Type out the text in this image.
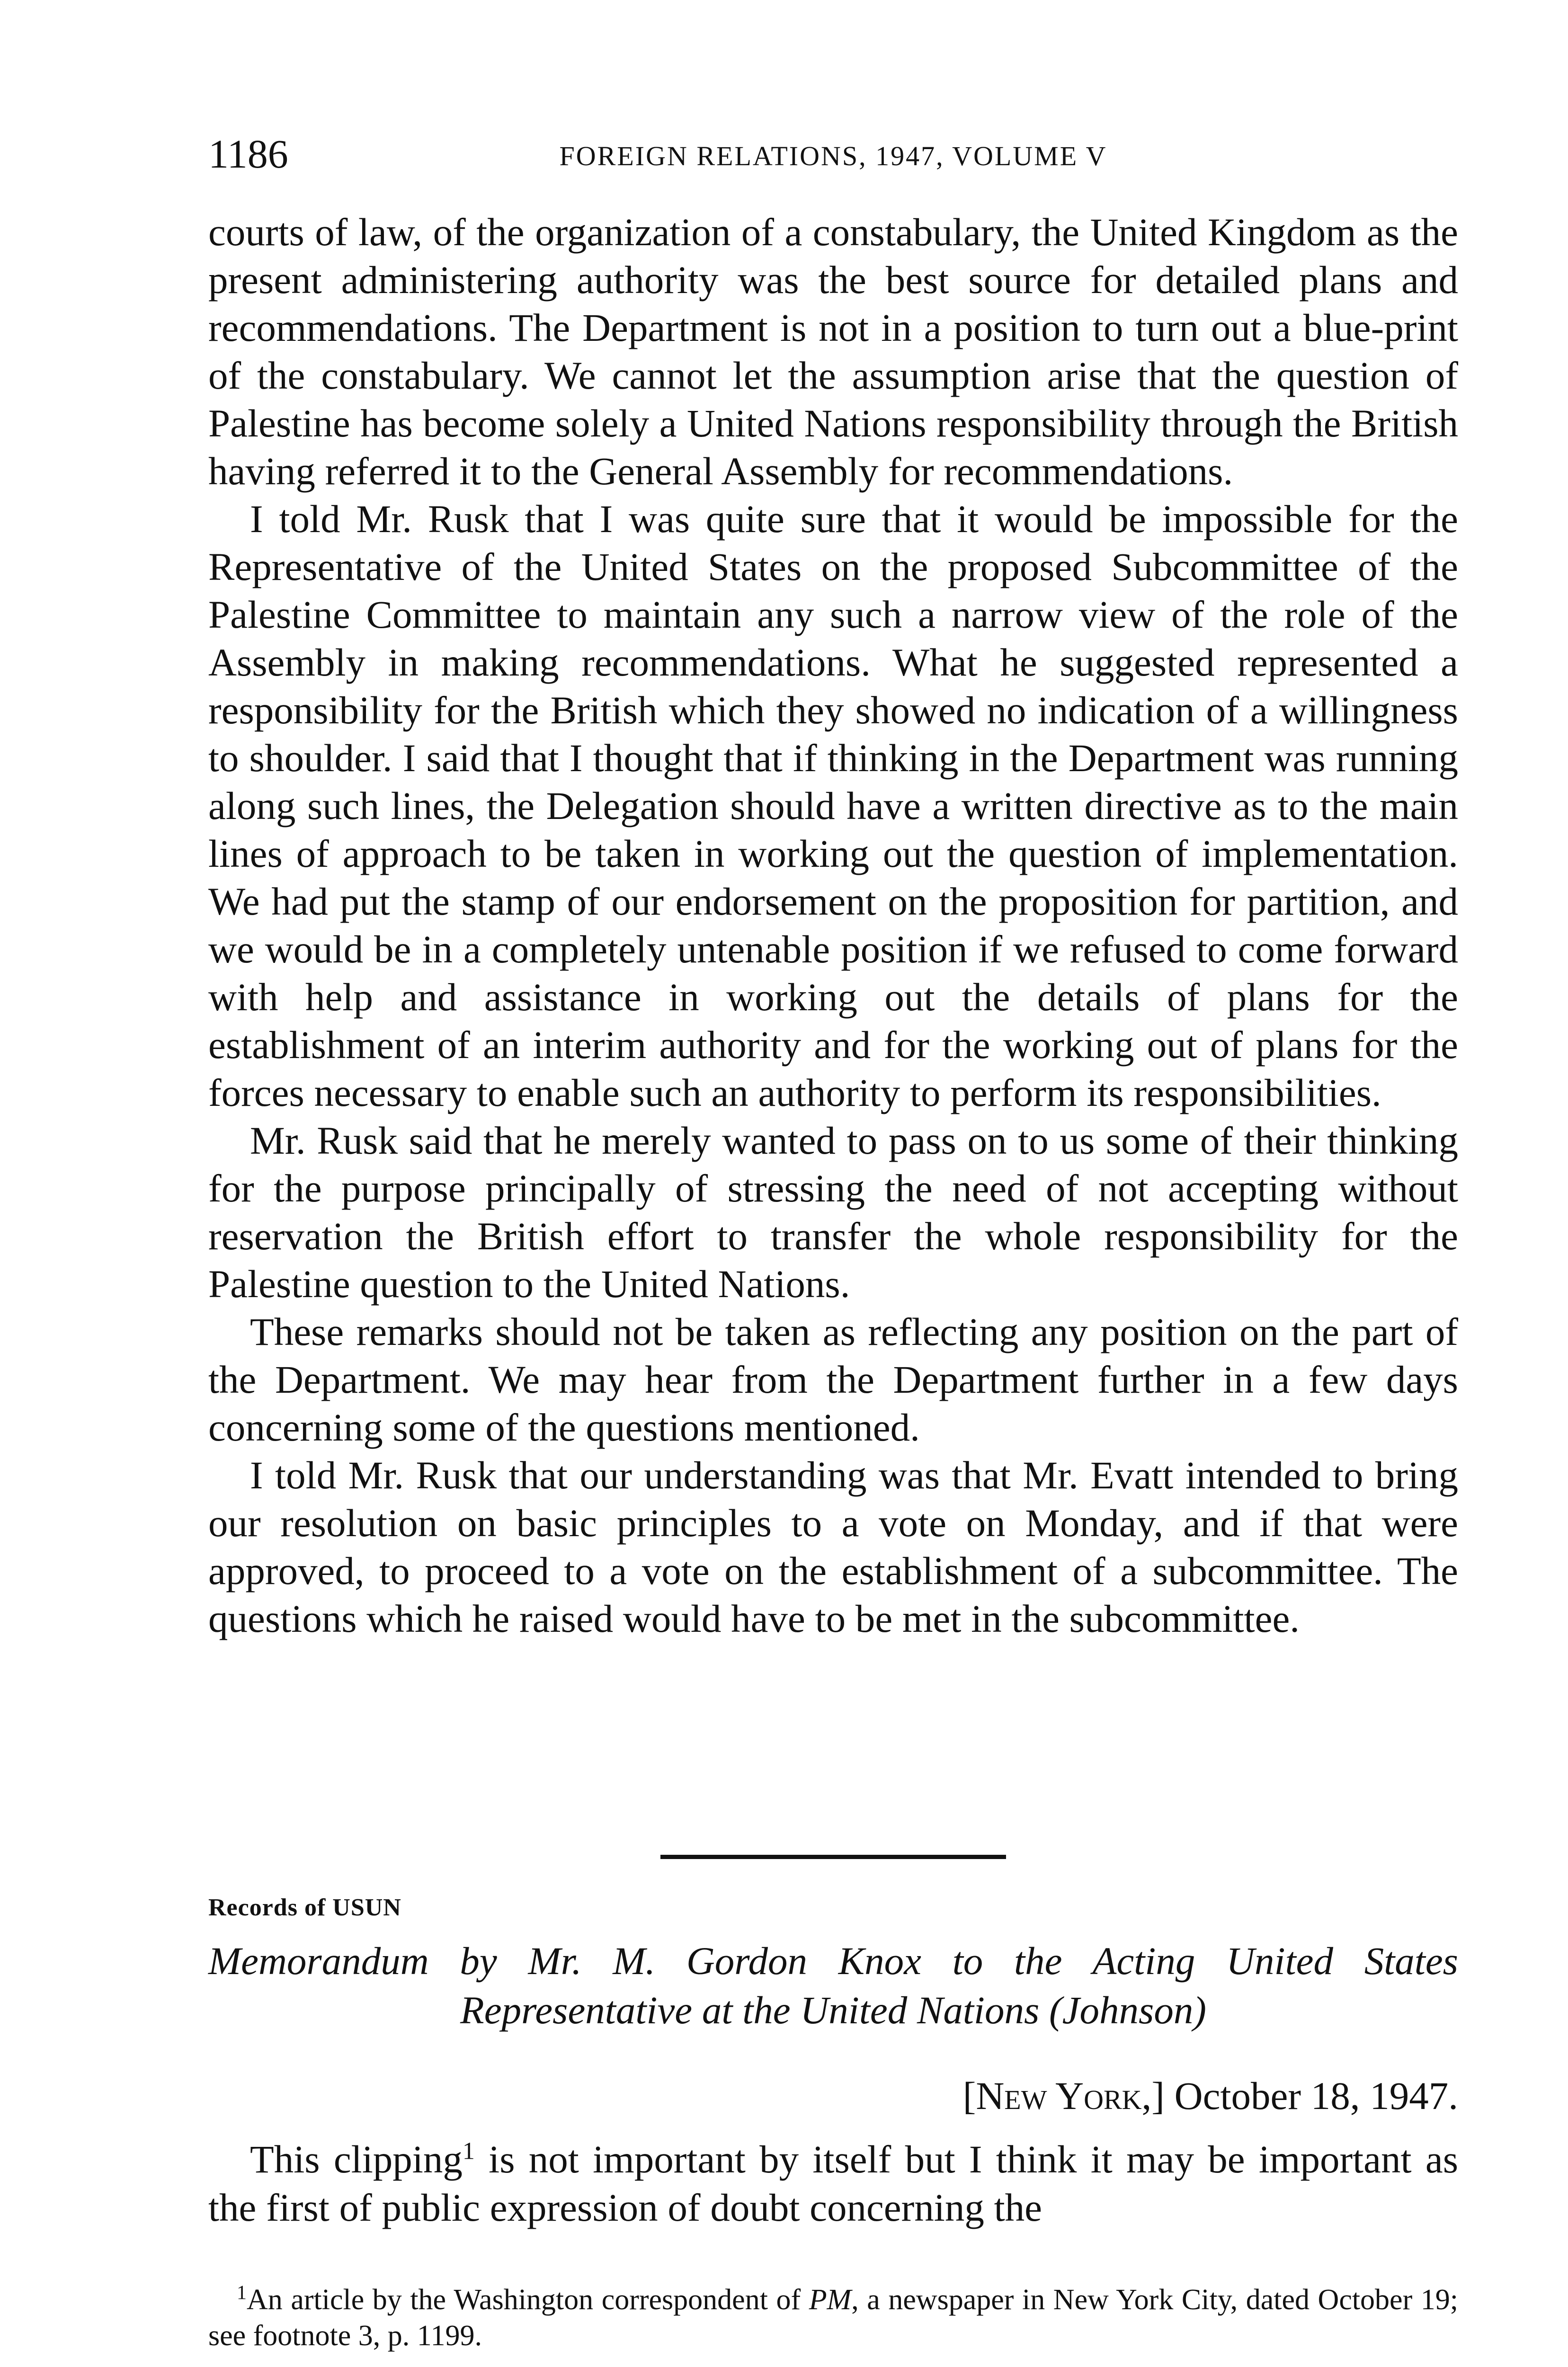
1186	FOREIGN RELATIONS, 1947, VOLUME V

courts of law, of the organization of a constabulary, the United Kingdom as the present administering authority was the best source for detailed plans and recommendations. The Department is not in a position to turn out a blue-print of the constabulary. We cannot let the assumption arise that the question of Palestine has become solely a United Nations responsibility through the British having referred it to the General Assembly for recommendations.

I told Mr. Rusk that I was quite sure that it would be impossible for the Representative of the United States on the proposed Subcommittee of the Palestine Committee to maintain any such a narrow view of the role of the Assembly in making recommendations. What he suggested represented a responsibility for the British which they showed no indication of a willingness to shoulder. I said that I thought that if thinking in the Department was running along such lines, the Delegation should have a written directive as to the main lines of approach to be taken in working out the question of implementation. We had put the stamp of our endorsement on the proposition for partition, and we would be in a completely untenable position if we refused to come forward with help and assistance in working out the details of plans for the establishment of an interim authority and for the working out of plans for the forces necessary to enable such an authority to perform its responsibilities.

Mr. Rusk said that he merely wanted to pass on to us some of their thinking for the purpose principally of stressing the need of not accepting without reservation the British effort to transfer the whole responsibility for the Palestine question to the United Nations.

These remarks should not be taken as reflecting any position on the part of the Department. We may hear from the Department further in a few days concerning some of the questions mentioned.

I told Mr. Rusk that our understanding was that Mr. Evatt intended to bring our resolution on basic principles to a vote on Monday, and if that were approved, to proceed to a vote on the establishment of a subcommittee. The questions which he raised would have to be met in the subcommittee.

Records of USUN
Memorandum by Mr. M. Gordon Knox to the Acting United States
Representative at the United Nations (Johnson)
[New York,] October 18, 1947.
This clipping$^1$ is not important by itself but I think it may be important as the first of public expression of doubt concerning the
$^1$An article by the Washington correspondent of PM, a newspaper in New York City, dated October 19; see footnote 3, p. 1199.
